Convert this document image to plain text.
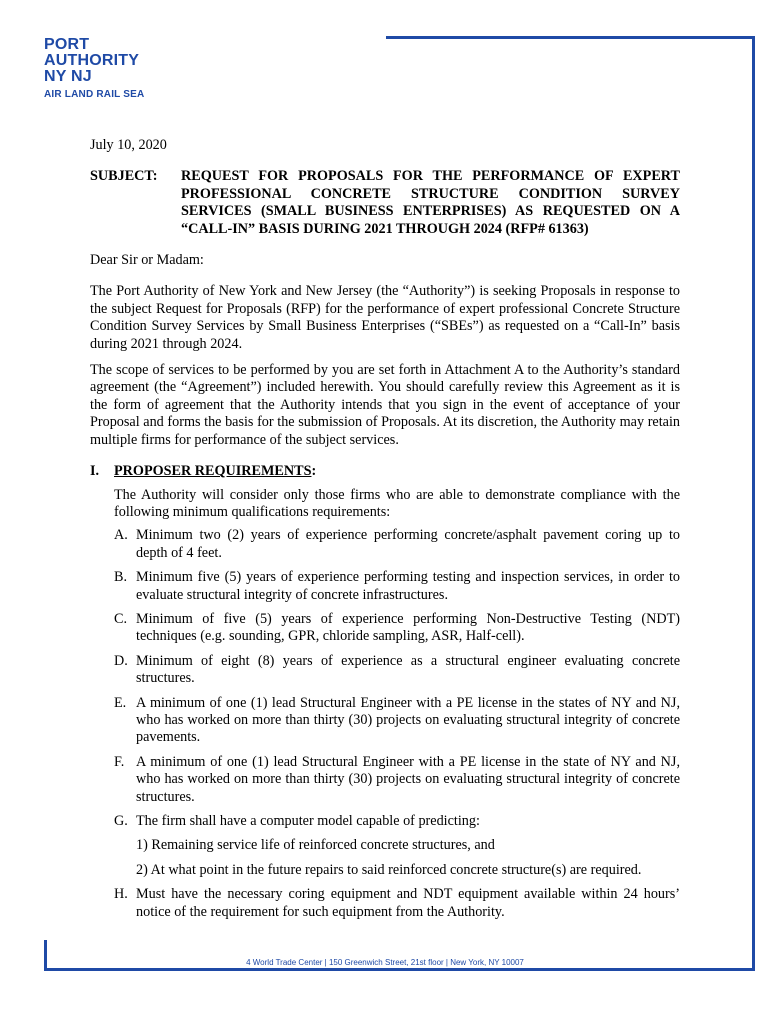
PORT
AUTHORITY
NY NJ
AIR LAND RAIL SEA
July 10, 2020
SUBJECT:	REQUEST FOR PROPOSALS FOR THE PERFORMANCE OF EXPERT PROFESSIONAL CONCRETE STRUCTURE CONDITION SURVEY SERVICES (SMALL BUSINESS ENTERPRISES) AS REQUESTED ON A “CALL-IN” BASIS DURING 2021 THROUGH 2024 (RFP# 61363)
Dear Sir or Madam:

The Port Authority of New York and New Jersey (the “Authority”) is seeking Proposals in response to the subject Request for Proposals (RFP) for the performance of expert professional Concrete Structure Condition Survey Services by Small Business Enterprises (“SBEs”) as requested on a “Call-In” basis during 2021 through 2024.

The scope of services to be performed by you are set forth in Attachment A to the Authority’s standard agreement (the “Agreement”) included herewith. You should carefully review this Agreement as it is the form of agreement that the Authority intends that you sign in the event of acceptance of your Proposal and forms the basis for the submission of Proposals. At its discretion, the Authority may retain multiple firms for performance of the subject services.

I.	PROPOSER REQUIREMENTS:
The Authority will consider only those firms who are able to demonstrate compliance with the following minimum qualifications requirements:
A. Minimum two (2) years of experience performing concrete/asphalt pavement coring up to depth of 4 feet.
B. Minimum five (5) years of experience performing testing and inspection services, in order to evaluate structural integrity of concrete infrastructures.
C. Minimum of five (5) years of experience performing Non-Destructive Testing (NDT) techniques (e.g. sounding, GPR, chloride sampling, ASR, Half-cell).
D. Minimum of eight (8) years of experience as a structural engineer evaluating concrete structures.
E. A minimum of one (1) lead Structural Engineer with a PE license in the states of NY and NJ, who has worked on more than thirty (30) projects on evaluating structural integrity of concrete pavements.
F. A minimum of one (1) lead Structural Engineer with a PE license in the state of NY and NJ, who has worked on more than thirty (30) projects on evaluating structural integrity of concrete structures.
G. The firm shall have a computer model capable of predicting:
1) Remaining service life of reinforced concrete structures, and
2) At what point in the future repairs to said reinforced concrete structure(s) are required.
H. Must have the necessary coring equipment and NDT equipment available within 24 hours’ notice of the requirement for such equipment from the Authority.
4 World Trade Center | 150 Greenwich Street, 21st floor | New York, NY 10007
